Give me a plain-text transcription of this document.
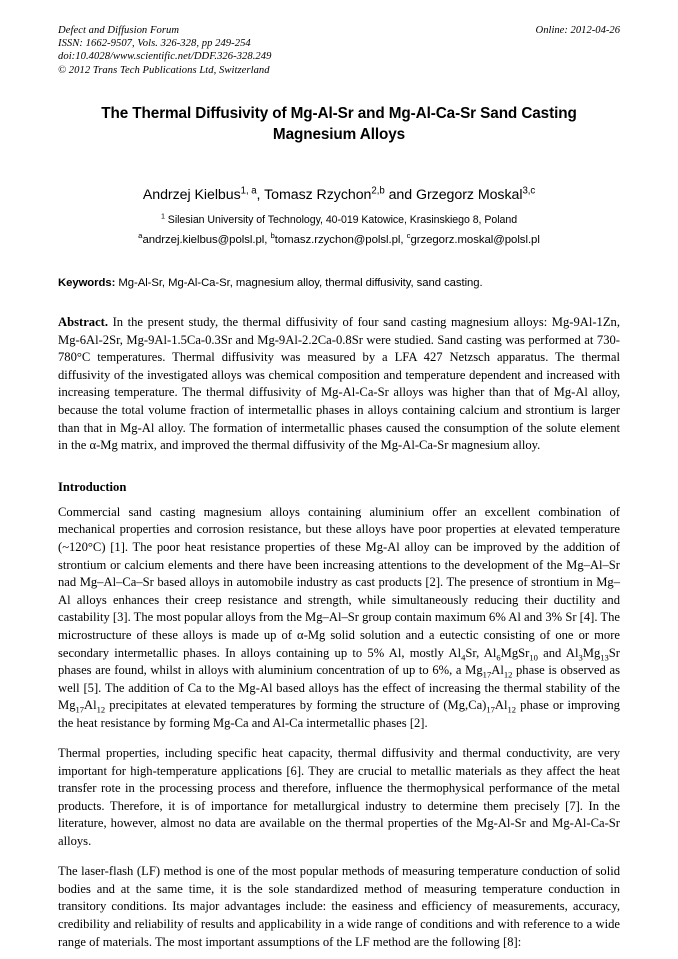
Defect and Diffusion Forum
ISSN: 1662-9507, Vols. 326-328, pp 249-254
doi:10.4028/www.scientific.net/DDF.326-328.249
© 2012 Trans Tech Publications Ltd, Switzerland
Online: 2012-04-26
The Thermal Diffusivity of Mg-Al-Sr and Mg-Al-Ca-Sr Sand Casting Magnesium Alloys
Andrzej Kielbus$^{1, a}$, Tomasz Rzychon$^{2,b}$ and Grzegorz Moskal$^{3,c}$
$^1$ Silesian University of Technology, 40-019 Katowice, Krasinskiego 8, Poland
$^a$andrzej.kielbus@polsl.pl, $^b$tomasz.rzychon@polsl.pl, $^c$grzegorz.moskal@polsl.pl
Keywords: Mg-Al-Sr, Mg-Al-Ca-Sr, magnesium alloy, thermal diffusivity, sand casting.
Abstract. In the present study, the thermal diffusivity of four sand casting magnesium alloys: Mg-9Al-1Zn, Mg-6Al-2Sr, Mg-9Al-1.5Ca-0.3Sr and Mg-9Al-2.2Ca-0.8Sr were studied. Sand casting was performed at 730-780°C temperatures. Thermal diffusivity was measured by a LFA 427 Netzsch apparatus. The thermal diffusivity of the investigated alloys was chemical composition and temperature dependent and increased with increasing temperature. The thermal diffusivity of Mg-Al-Ca-Sr alloys was higher than that of Mg-Al alloy, because the total volume fraction of intermetallic phases in alloys containing calcium and strontium is larger than that in Mg-Al alloy. The formation of intermetallic phases caused the consumption of the solute element in the α-Mg matrix, and improved the thermal diffusivity of the Mg-Al-Ca-Sr magnesium alloy.
Introduction

Commercial sand casting magnesium alloys containing aluminium offer an excellent combination of mechanical properties and corrosion resistance, but these alloys have poor properties at elevated temperature (~120°C) [1]. The poor heat resistance properties of these Mg-Al alloy can be improved by the addition of strontium or calcium elements and there have been increasing attentions to the development of the Mg–Al–Sr nad Mg–Al–Ca–Sr based alloys in automobile industry as cast products [2]. The presence of strontium in Mg–Al alloys enhances their creep resistance and strength, while simultaneously reducing their ductility and castability [3]. The most popular alloys from the Mg–Al–Sr group contain maximum 6% Al and 3% Sr [4]. The microstructure of these alloys is made up of α-Mg solid solution and a eutectic consisting of one or more secondary intermetallic phases. In alloys containing up to 5% Al, mostly $Al_4Sr$, $Al_6MgSr_{10}$ and $Al_3Mg_{13}Sr$ phases are found, whilst in alloys with aluminium concentration of up to 6%, a $Mg_{17}Al_{12}$ phase is observed as well [5]. The addition of Ca to the Mg-Al based alloys has the effect of increasing the thermal stability of the $Mg_{17}Al_{12}$ precipitates at elevated temperatures by forming the structure of $(Mg,Ca)_{17}Al_{12}$ phase or improving the heat resistance by forming Mg-Ca and Al-Ca intermetallic phases [2].

Thermal properties, including specific heat capacity, thermal diffusivity and thermal conductivity, are very important for high-temperature applications [6]. They are crucial to metallic materials as they affect the heat transfer rote in the processing process and therefore, influence the thermophysical performance of the metal products. Therefore, it is of importance for metallurgical industry to determine them precisely [7]. In the literature, however, almost no data are available on the thermal properties of the Mg-Al-Sr and Mg-Al-Ca-Sr alloys.

The laser-flash (LF) method is one of the most popular methods of measuring temperature conduction of solid bodies and at the same time, it is the sole standardized method of measuring temperature conduction in transitory conditions. Its major advantages include: the easiness and efficiency of measurements, accuracy, credibility and reliability of results and applicability in a wide range of conditions and with reference to a wide range of materials. The most important assumptions of the LF method are the following [8]:
